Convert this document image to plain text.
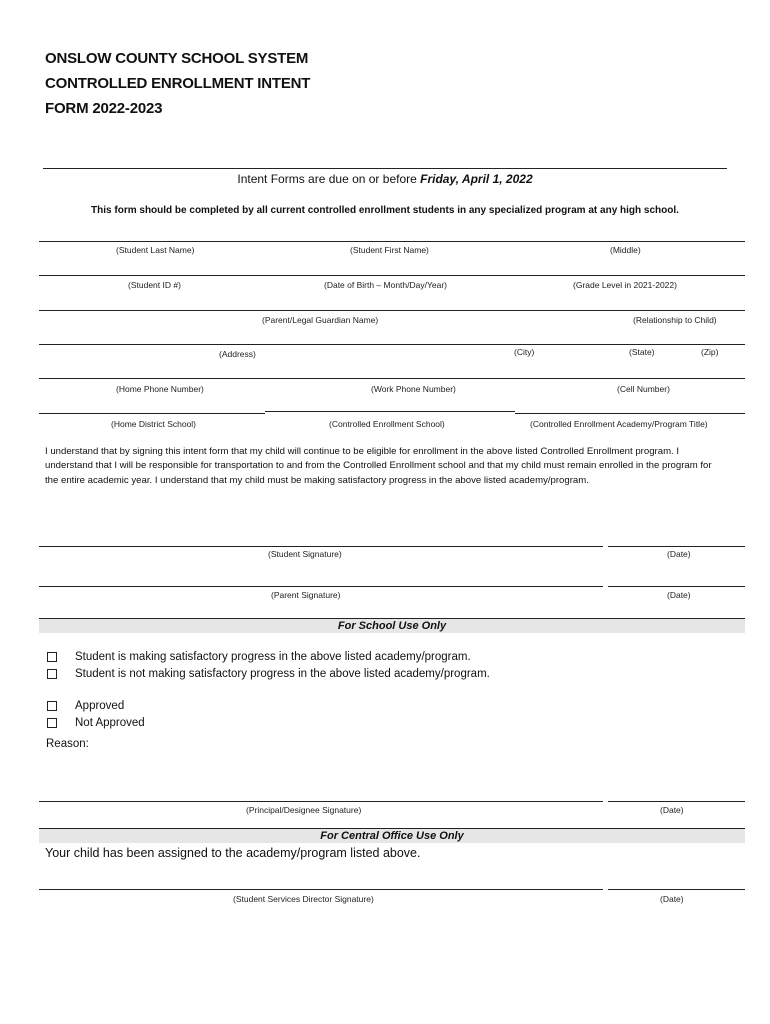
ONSLOW COUNTY SCHOOL SYSTEM
CONTROLLED ENROLLMENT INTENT
FORM 2022-2023
Intent Forms are due on or before Friday, April 1, 2022
This form should be completed by all current controlled enrollment students in any specialized program at any high school.
(Student Last Name)	(Student First Name)	(Middle)
(Student ID #)	(Date of Birth – Month/Day/Year)	(Grade Level in 2021-2022)
(Parent/Legal Guardian Name)	(Relationship to Child)
(Address)	(City)	(State)	(Zip)
(Home Phone Number)	(Work Phone Number)	(Cell Number)
(Home District School)	(Controlled Enrollment School)	(Controlled Enrollment Academy/Program Title)
I understand that by signing this intent form that my child will continue to be eligible for enrollment in the above listed Controlled Enrollment program. I understand that I will be responsible for transportation to and from the Controlled Enrollment school and that my child must remain enrolled in the program for the entire academic year. I understand that my child must be making satisfactory progress in the above listed academy/program.
(Student Signature)	(Date)
(Parent Signature)	(Date)
For School Use Only
Student is making satisfactory progress in the above listed academy/program.
Student is not making satisfactory progress in the above listed academy/program.
Approved
Not Approved
Reason:
(Principal/Designee Signature)	(Date)
For Central Office Use Only
Your child has been assigned to the academy/program listed above.
(Student Services Director Signature)	(Date)
